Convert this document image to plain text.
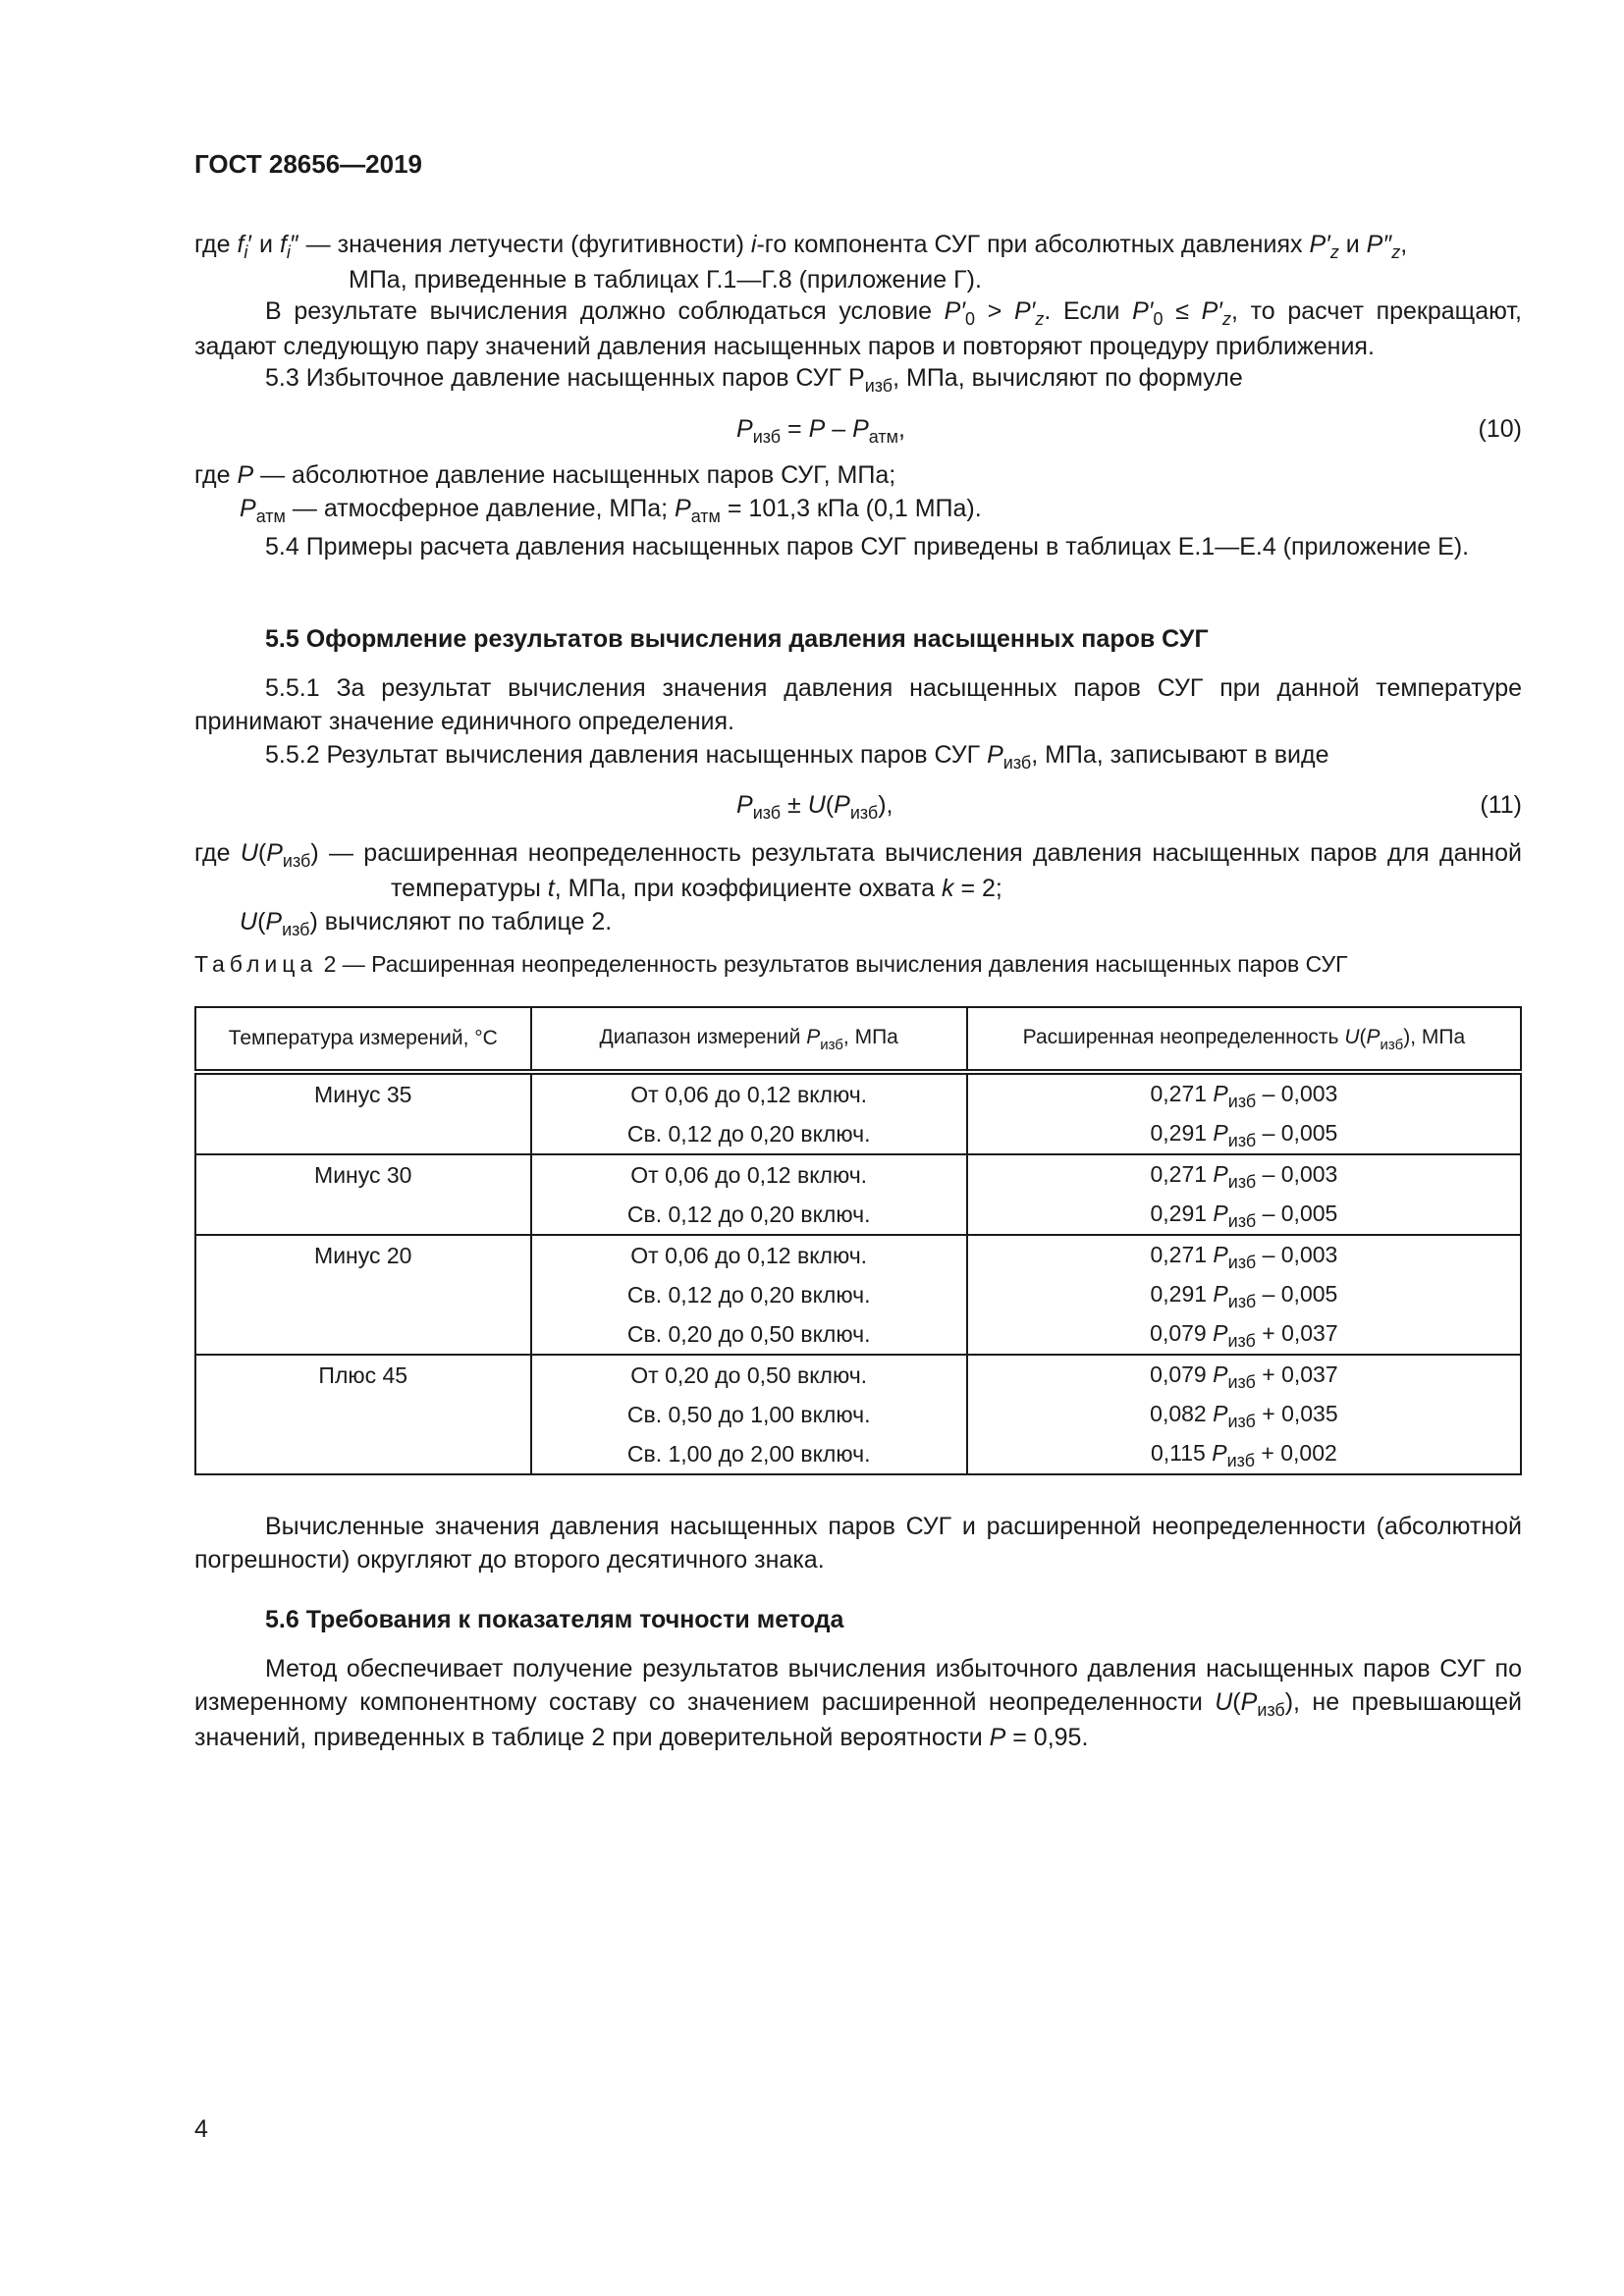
ГОСТ 28656—2019

где $f_i'$ и $f_i''$ — значения летучести (фугитивности) i-го компонента СУГ при абсолютных давлениях $P'_z$ и $P''_z$,

МПа, приведенные в таблицах Г.1—Г.8 (приложение Г).

В результате вычисления должно соблюдаться условие $P'_0 > P'_z$. Если $P'_0 \le P'_z$, то расчет прекращают, задают следующую пару значений давления насыщенных паров и повторяют процедуру приближения.

5.3 Избыточное давление насыщенных паров СУГ $P_{изб}$, МПа, вычисляют по формуле

$P_{изб} = P - P_{атм}$,	(10)

где P — абсолютное давление насыщенных паров СУГ, МПа;

$P_{атм}$ — атмосферное давление, МПа; $P_{атм} = 101,3$ кПа (0,1 МПа).

5.4 Примеры расчета давления насыщенных паров СУГ приведены в таблицах Е.1—Е.4 (приложение Е).

5.5 Оформление результатов вычисления давления насыщенных паров СУГ

5.5.1 За результат вычисления значения давления насыщенных паров СУГ при данной температуре принимают значение единичного определения.

5.5.2 Результат вычисления давления насыщенных паров СУГ $P_{изб}$, МПа, записывают в виде

$P_{изб} \pm U(P_{изб})$,	(11)

где $U(P_{изб})$ — расширенная неопределенность результата вычисления давления насыщенных паров для данной температуры t, МПа, при коэффициенте охвата k = 2;

$U(P_{изб})$ вычисляют по таблице 2.

Таблица 2 — Расширенная неопределенность результатов вычисления давления насыщенных паров СУГ
Температура измерений, °С	Диапазон измерений $P_{изб}$, МПа	Расширенная неопределенность $U(P_{изб})$, МПа
Минус 35	От 0,06 до 0,12 включ.	0,271 $P_{изб} - 0,003$
	Св. 0,12 до 0,20 включ.	0,291 $P_{изб} - 0,005$
Минус 30	От 0,06 до 0,12 включ.	0,271 $P_{изб} - 0,003$
	Св. 0,12 до 0,20 включ.	0,291 $P_{изб} - 0,005$
Минус 20	От 0,06 до 0,12 включ.	0,271 $P_{изб} - 0,003$
	Св. 0,12 до 0,20 включ.	0,291 $P_{изб} - 0,005$
	Св. 0,20 до 0,50 включ.	0,079 $P_{изб} + 0,037$
Плюс 45	От 0,20 до 0,50 включ.	0,079 $P_{изб} + 0,037$
	Св. 0,50 до 1,00 включ.	0,082 $P_{изб} + 0,035$
	Св. 1,00 до 2,00 включ.	0,115 $P_{изб} + 0,002$

Вычисленные значения давления насыщенных паров СУГ и расширенной неопределенности (абсолютной погрешности) округляют до второго десятичного знака.

5.6 Требования к показателям точности метода

Метод обеспечивает получение результатов вычисления избыточного давления насыщенных паров СУГ по измеренному компонентному составу со значением расширенной неопределенности $U(P_{изб})$, не превышающей значений, приведенных в таблице 2 при доверительной вероятности P = 0,95.

4
